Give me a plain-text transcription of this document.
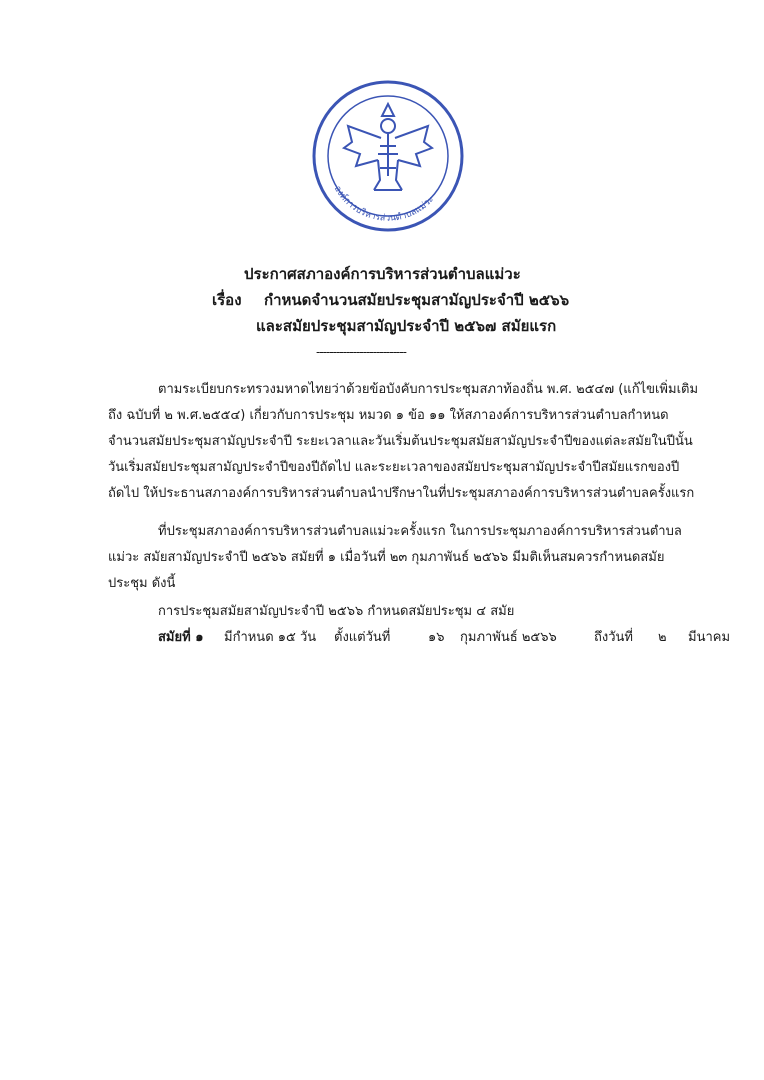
องค์การบริหารส่วนตำบลแม่วะ
ประกาศสภาองค์การบริหารส่วนตำบลแม่วะ
เรื่อง กำหนดจำนวนสมัยประชุมสามัญประจำปี ๒๕๖๖
และสมัยประชุมสามัญประจำปี ๒๕๖๗ สมัยแรก
---------------------------
ตามระเบียบกระทรวงมหาดไทยว่าด้วยข้อบังคับการประชุมสภาท้องถิ่น พ.ศ. ๒๕๔๗ (แก้ไขเพิ่มเติม
ถึง ฉบับที่ ๒ พ.ศ.๒๕๕๔) เกี่ยวกับการประชุม หมวด ๑ ข้อ ๑๑ ให้สภาองค์การบริหารส่วนตำบลกำหนด
จำนวนสมัยประชุมสามัญประจำปี ระยะเวลาและวันเริ่มต้นประชุมสมัยสามัญประจำปีของแต่ละสมัยในปีนั้น
วันเริ่มสมัยประชุมสามัญประจำปีของปีถัดไป และระยะเวลาของสมัยประชุมสามัญประจำปีสมัยแรกของปี
ถัดไป ให้ประธานสภาองค์การบริหารส่วนตำบลนำปรึกษาในที่ประชุมสภาองค์การบริหารส่วนตำบลครั้งแรก
ที่ประชุมสภาองค์การบริหารส่วนตำบลแม่วะครั้งแรก ในการประชุมภาองค์การบริหารส่วนตำบล
แม่วะ สมัยสามัญประจำปี ๒๕๖๖ สมัยที่ ๑ เมื่อวันที่ ๒๓ กุมภาพันธ์ ๒๕๖๖ มีมติเห็นสมควรกำหนดสมัย
ประชุม ดังนี้
การประชุมสมัยสามัญประจำปี ๒๕๖๖ กำหนดสมัยประชุม ๔ สมัย
สมัยที่ ๑ มีกำหนด ๑๕ วัน ตั้งแต่วันที่	๑๖ กุมภาพันธ์ ๒๕๖๖	ถึงวันที่ ๒ มีนาคม
